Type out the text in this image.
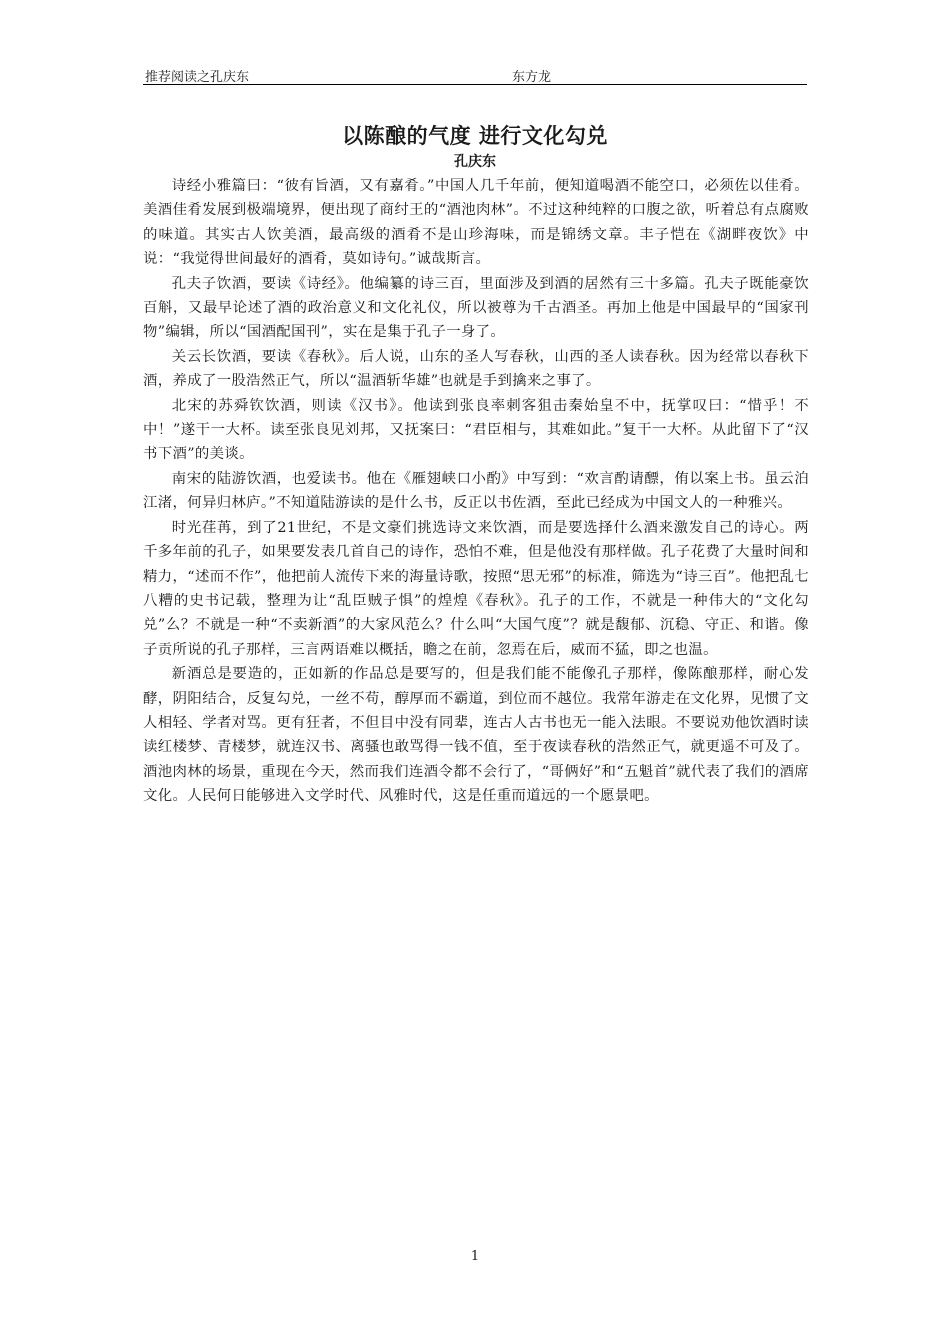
推荐阅读之孔庆东	东方龙
以陈酿的气度 进行文化勾兑
孔庆东

诗经小雅篇曰：“彼有旨酒，又有嘉肴。”中国人几千年前，便知道喝酒不能空口，必须佐以佳肴。美酒佳肴发展到极端境界，便出现了商纣王的“酒池肉林”。不过这种纯粹的口腹之欲，听着总有点腐败的味道。其实古人饮美酒，最高级的酒肴不是山珍海味，而是锦绣文章。丰子恺在《湖畔夜饮》中说：“我觉得世间最好的酒肴，莫如诗句。”诚哉斯言。

孔夫子饮酒，要读《诗经》。他编纂的诗三百，里面涉及到酒的居然有三十多篇。孔夫子既能豪饮百斛，又最早论述了酒的政治意义和文化礼仪，所以被尊为千古酒圣。再加上他是中国最早的“国家刊物”编辑，所以“国酒配国刊”，实在是集于孔子一身了。

关云长饮酒，要读《春秋》。后人说，山东的圣人写春秋，山西的圣人读春秋。因为经常以春秋下酒，养成了一股浩然正气，所以“温酒斩华雄”也就是手到擒来之事了。

北宋的苏舜钦饮酒，则读《汉书》。他读到张良率刺客狙击秦始皇不中，抚掌叹曰：“惜乎！不中！”遂干一大杯。读至张良见刘邦，又抚案曰：“君臣相与，其难如此。”复干一大杯。从此留下了“汉书下酒”的美谈。

南宋的陆游饮酒，也爱读书。他在《雁翅峡口小酌》中写到：“欢言酌请醥，侑以案上书。虽云泊江渚，何异归林庐。”不知道陆游读的是什么书，反正以书佐酒，至此已经成为中国文人的一种雅兴。

时光荏苒，到了21世纪，不是文豪们挑选诗文来饮酒，而是要选择什么酒来激发自己的诗心。两千多年前的孔子，如果要发表几首自己的诗作，恐怕不难，但是他没有那样做。孔子花费了大量时间和精力，“述而不作”，他把前人流传下来的海量诗歌，按照“思无邪”的标准，筛选为“诗三百”。他把乱七八糟的史书记载，整理为让“乱臣贼子惧”的煌煌《春秋》。孔子的工作，不就是一种伟大的“文化勾兑”么？不就是一种“不卖新酒”的大家风范么？什么叫“大国气度”？就是馥郁、沉稳、守正、和谐。像子贡所说的孔子那样，三言两语难以概括，瞻之在前，忽焉在后，威而不猛，即之也温。

新酒总是要造的，正如新的作品总是要写的，但是我们能不能像孔子那样，像陈酿那样，耐心发酵，阴阳结合，反复勾兑，一丝不苟，醇厚而不霸道，到位而不越位。我常年游走在文化界，见惯了文人相轻、学者对骂。更有狂者，不但目中没有同辈，连古人古书也无一能入法眼。不要说劝他饮酒时读读红楼梦、青楼梦，就连汉书、离骚也敢骂得一钱不值，至于夜读春秋的浩然正气，就更遥不可及了。酒池肉林的场景，重现在今天，然而我们连酒令都不会行了，“哥俩好”和“五魁首”就代表了我们的酒席文化。人民何日能够进入文学时代、风雅时代，这是任重而道远的一个愿景吧。

1
